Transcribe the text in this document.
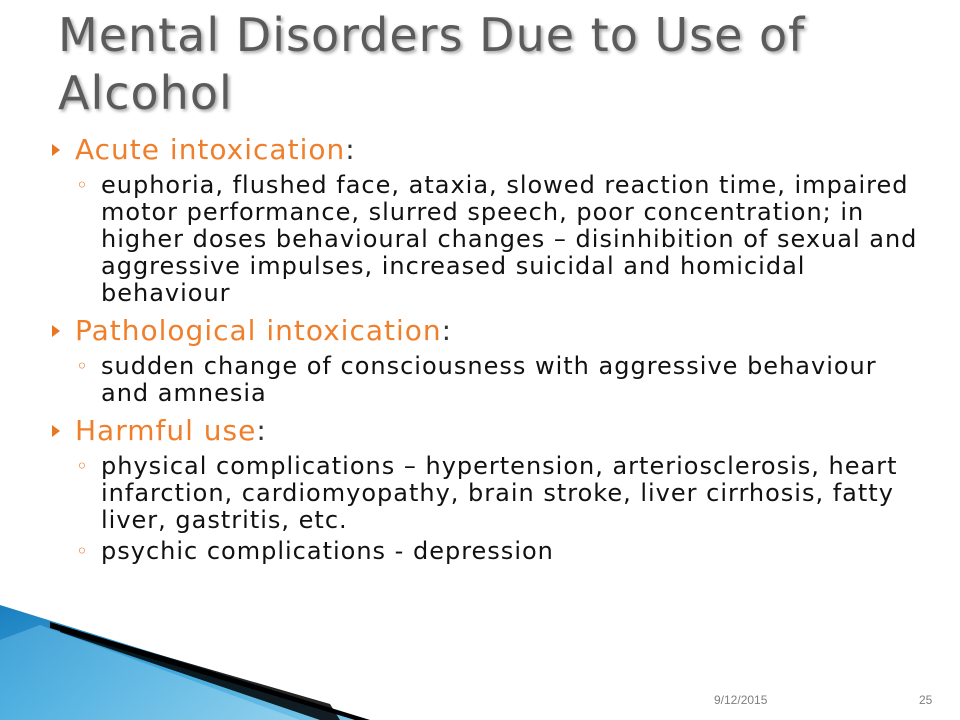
Mental Disorders Due to Use of Alcohol
Acute intoxication:
◦ euphoria, flushed face, ataxia, slowed reaction time, impaired motor performance, slurred speech, poor concentration; in higher doses behavioural changes – disinhibition of sexual and aggressive impulses, increased suicidal and homicidal behaviour
Pathological intoxication:
◦ sudden change of consciousness with aggressive behaviour and amnesia
Harmful use:
◦ physical complications – hypertension, arteriosclerosis, heart infarction, cardiomyopathy, brain stroke, liver cirrhosis, fatty liver, gastritis, etc.
◦ psychic complications - depression
9/12/2015	25
